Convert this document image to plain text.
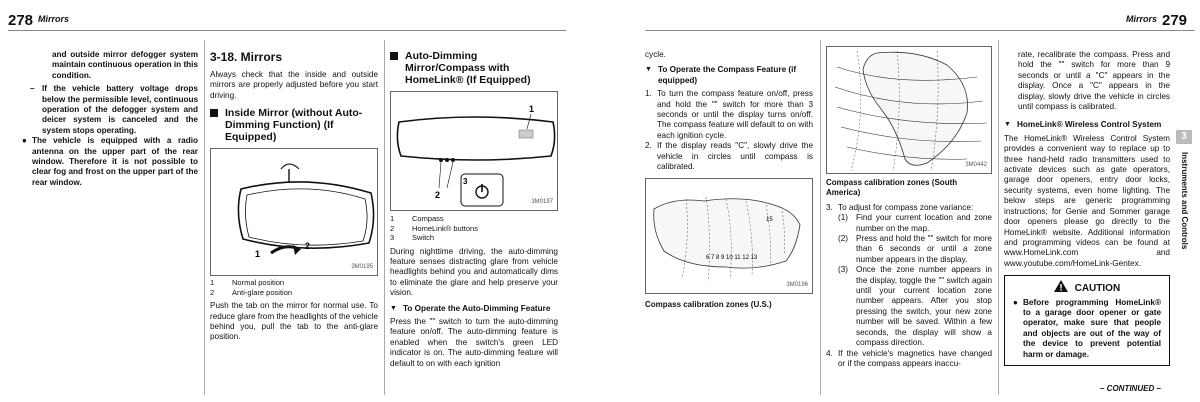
278 Mirrors	Mirrors 279
and outside mirror defogger system maintain continuous operation in this condition.
– If the vehicle battery voltage drops below the permissible level, continuous operation of the defogger system and deicer system is canceled and the system stops operating.
● The vehicle is equipped with a radio antenna on the upper part of the rear window. Therefore it is not possible to clear fog and frost on the upper part of the rear window.
3-18. Mirrors
Always check that the inside and outside mirrors are properly adjusted before you start driving.
Inside Mirror (without Auto-Dimming Function) (If Equipped)
1
2
3M0195
1	Normal position
2	Anti-glare position
Push the tab on the mirror for normal use. To reduce glare from the headlights of the vehicle behind you, pull the tab to the anti-glare position.
Auto-Dimming Mirror/Compass with HomeLink® (If Equipped)
1
2
3
3M0197
1	Compass
2	HomeLink® buttons
3	Switch
During nighttime driving, the auto-dimming feature senses distracting glare from vehicle headlights behind you and automatically dims to eliminate the glare and help preserve your vision.
▼ To Operate the Auto-Dimming Feature
Press the "" switch to turn the auto-dimming feature on/off. The auto-dimming feature is enabled when the switch's green LED indicator is on. The auto-dimming feature will default to on with each ignition
cycle.
▼ To Operate the Compass Feature (if equipped)
1. To turn the compass feature on/off, press and hold the "" switch for more than 3 seconds or until the display turns on/off. The compass feature will default to on with each ignition cycle.
2. If the display reads "C", slowly drive the vehicle in circles until compass is calibrated.
15
6 7 8 9 10 11 12 13
3M0196
Compass calibration zones (U.S.)
3M0442
Compass calibration zones (South America)
3. To adjust for compass zone variance:
(1) Find your current location and zone number on the map.
(2) Press and hold the "" switch for more than 6 seconds or until a zone number appears in the display.
(3) Once the zone number appears in the display, toggle the "" switch again until your current location zone number appears. After you stop pressing the switch, your new zone number will be saved. Within a few seconds, the display will show a compass direction.
4. If the vehicle's magnetics have changed or if the compass appears inaccu-
rate, recalibrate the compass. Press and hold the "" switch for more than 9 seconds or until a "C" appears in the display. Once a "C" appears in the display, slowly drive the vehicle in circles until compass is calibrated.
▼ HomeLink® Wireless Control System
The HomeLink® Wireless Control System provides a convenient way to replace up to three hand-held radio transmitters used to activate devices such as gate operators, garage door openers, entry door locks, security systems, even home lighting. The below steps are generic programming instructions; for Genie and Sommer garage door openers please go directly to the HomeLink® website. Additional information and programming videos can be found at www.HomeLink.com and www.youtube.com/HomeLink-Gentex.
CAUTION
● Before programming HomeLink® to a garage door opener or gate operator, make sure that people and objects are out of the way of the device to prevent potential harm or damage.
3
Instruments and Controls
– CONTINUED –
